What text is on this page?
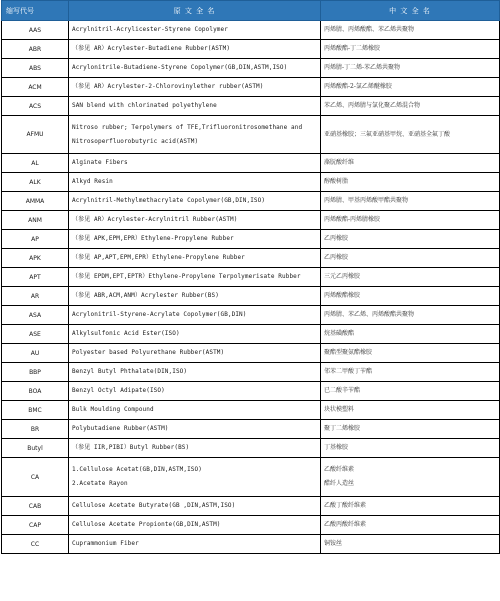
缩写代号	原 文 全 名	中 文 全 名
AAS	Acrylnitril-Acrylicester-Styrene Copolymer	丙烯腈、丙烯酸酯、苯乙烯共聚物

ABR	（参见 AR）Acrylester-Butadiene Rubber(ASTM)	丙烯酸酯-丁二烯橡胶

ABS	Acrylonitrile-Butadiene-Styrene Copolymer(GB,DIN,ASTM,ISO)	丙烯腈-丁二烯-苯乙烯共聚物

ACM	（参见 AR）Acrylester-2-Chlorovinylether rubber(ASTM)	丙烯酸酯-2-氯乙烯醚橡胶

ACS	SAN blend with chlorinated polyethylene	苯乙烯、丙烯腈与氯化聚乙烯混合物

AFMU	Nitroso rubber; Terpolymers of TFE,Trifluoronitrosomethane and
Nitrosoperfluorobutyric acid(ASTM)	亚硝基橡胶；三氟亚硝基甲烷、亚硝基全氟丁酸

AL	Alginate Fibers	藻朊酸纤维

ALK	Alkyd Resin	醇酸树脂

AMMA	Acrylnitril-Methylmethacrylate Copolymer(GB,DIN,ISO)	丙烯腈、甲基丙烯酸甲酯共聚物

ANM	（参见 AR）Acrylester-Acrylnitril Rubber(ASTM)	丙烯酸酯-丙烯腈橡胶

AP	（参见 APK,EPM,EPR）Ethylene-Propylene Rubber	乙丙橡胶

APK	（参见 AP,APT,EPM,EPR）Ethylene-Propylene Rubber	乙丙橡胶

APT	（参见 EPDM,EPT,EPTR）Ethylene-Propylene Terpolymerisate Rubber	三元乙丙橡胶

AR	（参见 ABR,ACM,ANM）Acrylester Rubber(BS)	丙烯酸酯橡胶

ASA	Acrylonitril-Styrene-Acrylate Copolymer(GB,DIN)	丙烯腈、苯乙烯、丙烯酸酯共聚物

ASE	Alkylsulfonic Acid Ester(ISO)	烷基磺酸酯

AU	Polyester based Polyurethane Rubber(ASTM)	聚酯型聚氨酯橡胶

BBP	Benzyl Butyl Phthalate(DIN,ISO)	邻苯二甲酸丁苄酯

BOA	Benzyl Octyl Adipate(ISO)	已二酸辛苄酯

BMC	Bulk Moulding Compound	块状模塑料

BR	Polybutadiene Rubber(ASTM)	聚丁二烯橡胶

Butyl	（参见 IIR,PIBI）Butyl Rubber(BS)	丁基橡胶

CA	1.Cellulose Acetat(GB,DIN,ASTM,ISO)
2.Acetate Rayon	乙酸纤维素
醋纤人造丝

CAB	Cellulose Acetate Butyrate(GB ,DIN,ASTM,ISO)	乙酸丁酸纤维素

CAP	Cellulose Acetate Propionte(GB,DIN,ASTM)	乙酸丙酸纤维素

CC	Cuprammonium Fiber	铜铵丝
